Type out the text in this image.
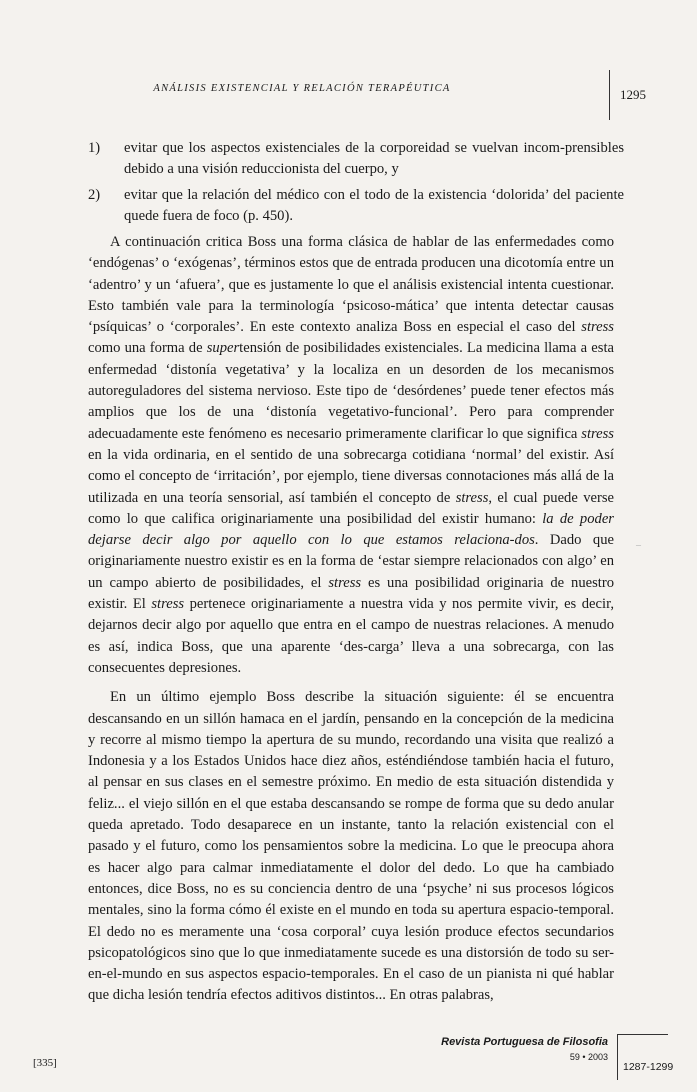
ANÁLISIS EXISTENCIAL Y RELACIÓN TERAPÉUTICA	1295
1)	evitar que los aspectos existenciales de la corporeidad se vuelvan incom-prensibles debido a una visión reduccionista del cuerpo, y
2)	evitar que la relación del médico con el todo de la existencia ‘dolorida’ del paciente quede fuera de foco (p. 450).

A continuación critica Boss una forma clásica de hablar de las enfermedades como ‘endógenas’ o ‘exógenas’, términos estos que de entrada producen una dicotomía entre un ‘adentro’ y un ‘afuera’, que es justamente lo que el análisis existencial intenta cuestionar. Esto también vale para la terminología ‘psicoso-mática’ que intenta detectar causas ‘psíquicas’ o ‘corporales’. En este contexto analiza Boss en especial el caso del stress como una forma de supertensión de posibilidades existenciales. La medicina llama a esta enfermedad ‘distonía vegetativa’ y la localiza en un desorden de los mecanismos autoreguladores del sistema nervioso. Este tipo de ‘desórdenes’ puede tener efectos más amplios que los de una ‘distonía vegetativo-funcional’. Pero para comprender adecuadamente este fenómeno es necesario primeramente clarificar lo que significa stress en la vida ordinaria, en el sentido de una sobrecarga cotidiana ‘normal’ del existir. Así como el concepto de ‘irritación’, por ejemplo, tiene diversas connotaciones más allá de la utilizada en una teoría sensorial, así también el concepto de stress, el cual puede verse como lo que califica originariamente una posibilidad del existir humano: la de poder dejarse decir algo por aquello con lo que estamos relaciona-dos. Dado que originariamente nuestro existir es en la forma de ‘estar siempre relacionados con algo’ en un campo abierto de posibilidades, el stress es una posibilidad originaria de nuestro existir. El stress pertenece originariamente a nuestra vida y nos permite vivir, es decir, dejarnos decir algo por aquello que entra en el campo de nuestras relaciones. A menudo es así, indica Boss, que una aparente ‘des-carga’ lleva a una sobrecarga, con las consecuentes depresiones.

En un último ejemplo Boss describe la situación siguiente: él se encuentra descansando en un sillón hamaca en el jardín, pensando en la concepción de la medicina y recorre al mismo tiempo la apertura de su mundo, recordando una visita que realizó a Indonesia y a los Estados Unidos hace diez años, esténdiéndose también hacia el futuro, al pensar en sus clases en el semestre próximo. En medio de esta situación distendida y feliz... el viejo sillón en el que estaba descansando se rompe de forma que su dedo anular queda apretado. Todo desaparece en un instante, tanto la relación existencial con el pasado y el futuro, como los pensamientos sobre la medicina. Lo que le preocupa ahora es hacer algo para calmar inmediatamente el dolor del dedo. Lo que ha cambiado entonces, dice Boss, no es su conciencia dentro de una ‘psyche’ ni sus procesos lógicos mentales, sino la forma cómo él existe en el mundo en toda su apertura espacio-temporal. El dedo no es meramente una ‘cosa corporal’ cuya lesión produce efectos secundarios psicopatológicos sino que lo que inmediatamente sucede es una distorsión de todo su ser-en-el-mundo en sus aspectos espacio-temporales. En el caso de un pianista ni qué hablar que dicha lesión tendría efectos aditivos distintos... En otras palabras,

–
Revista Portuguesa de Filosofia
59 • 2003
1287-1299
[335]
